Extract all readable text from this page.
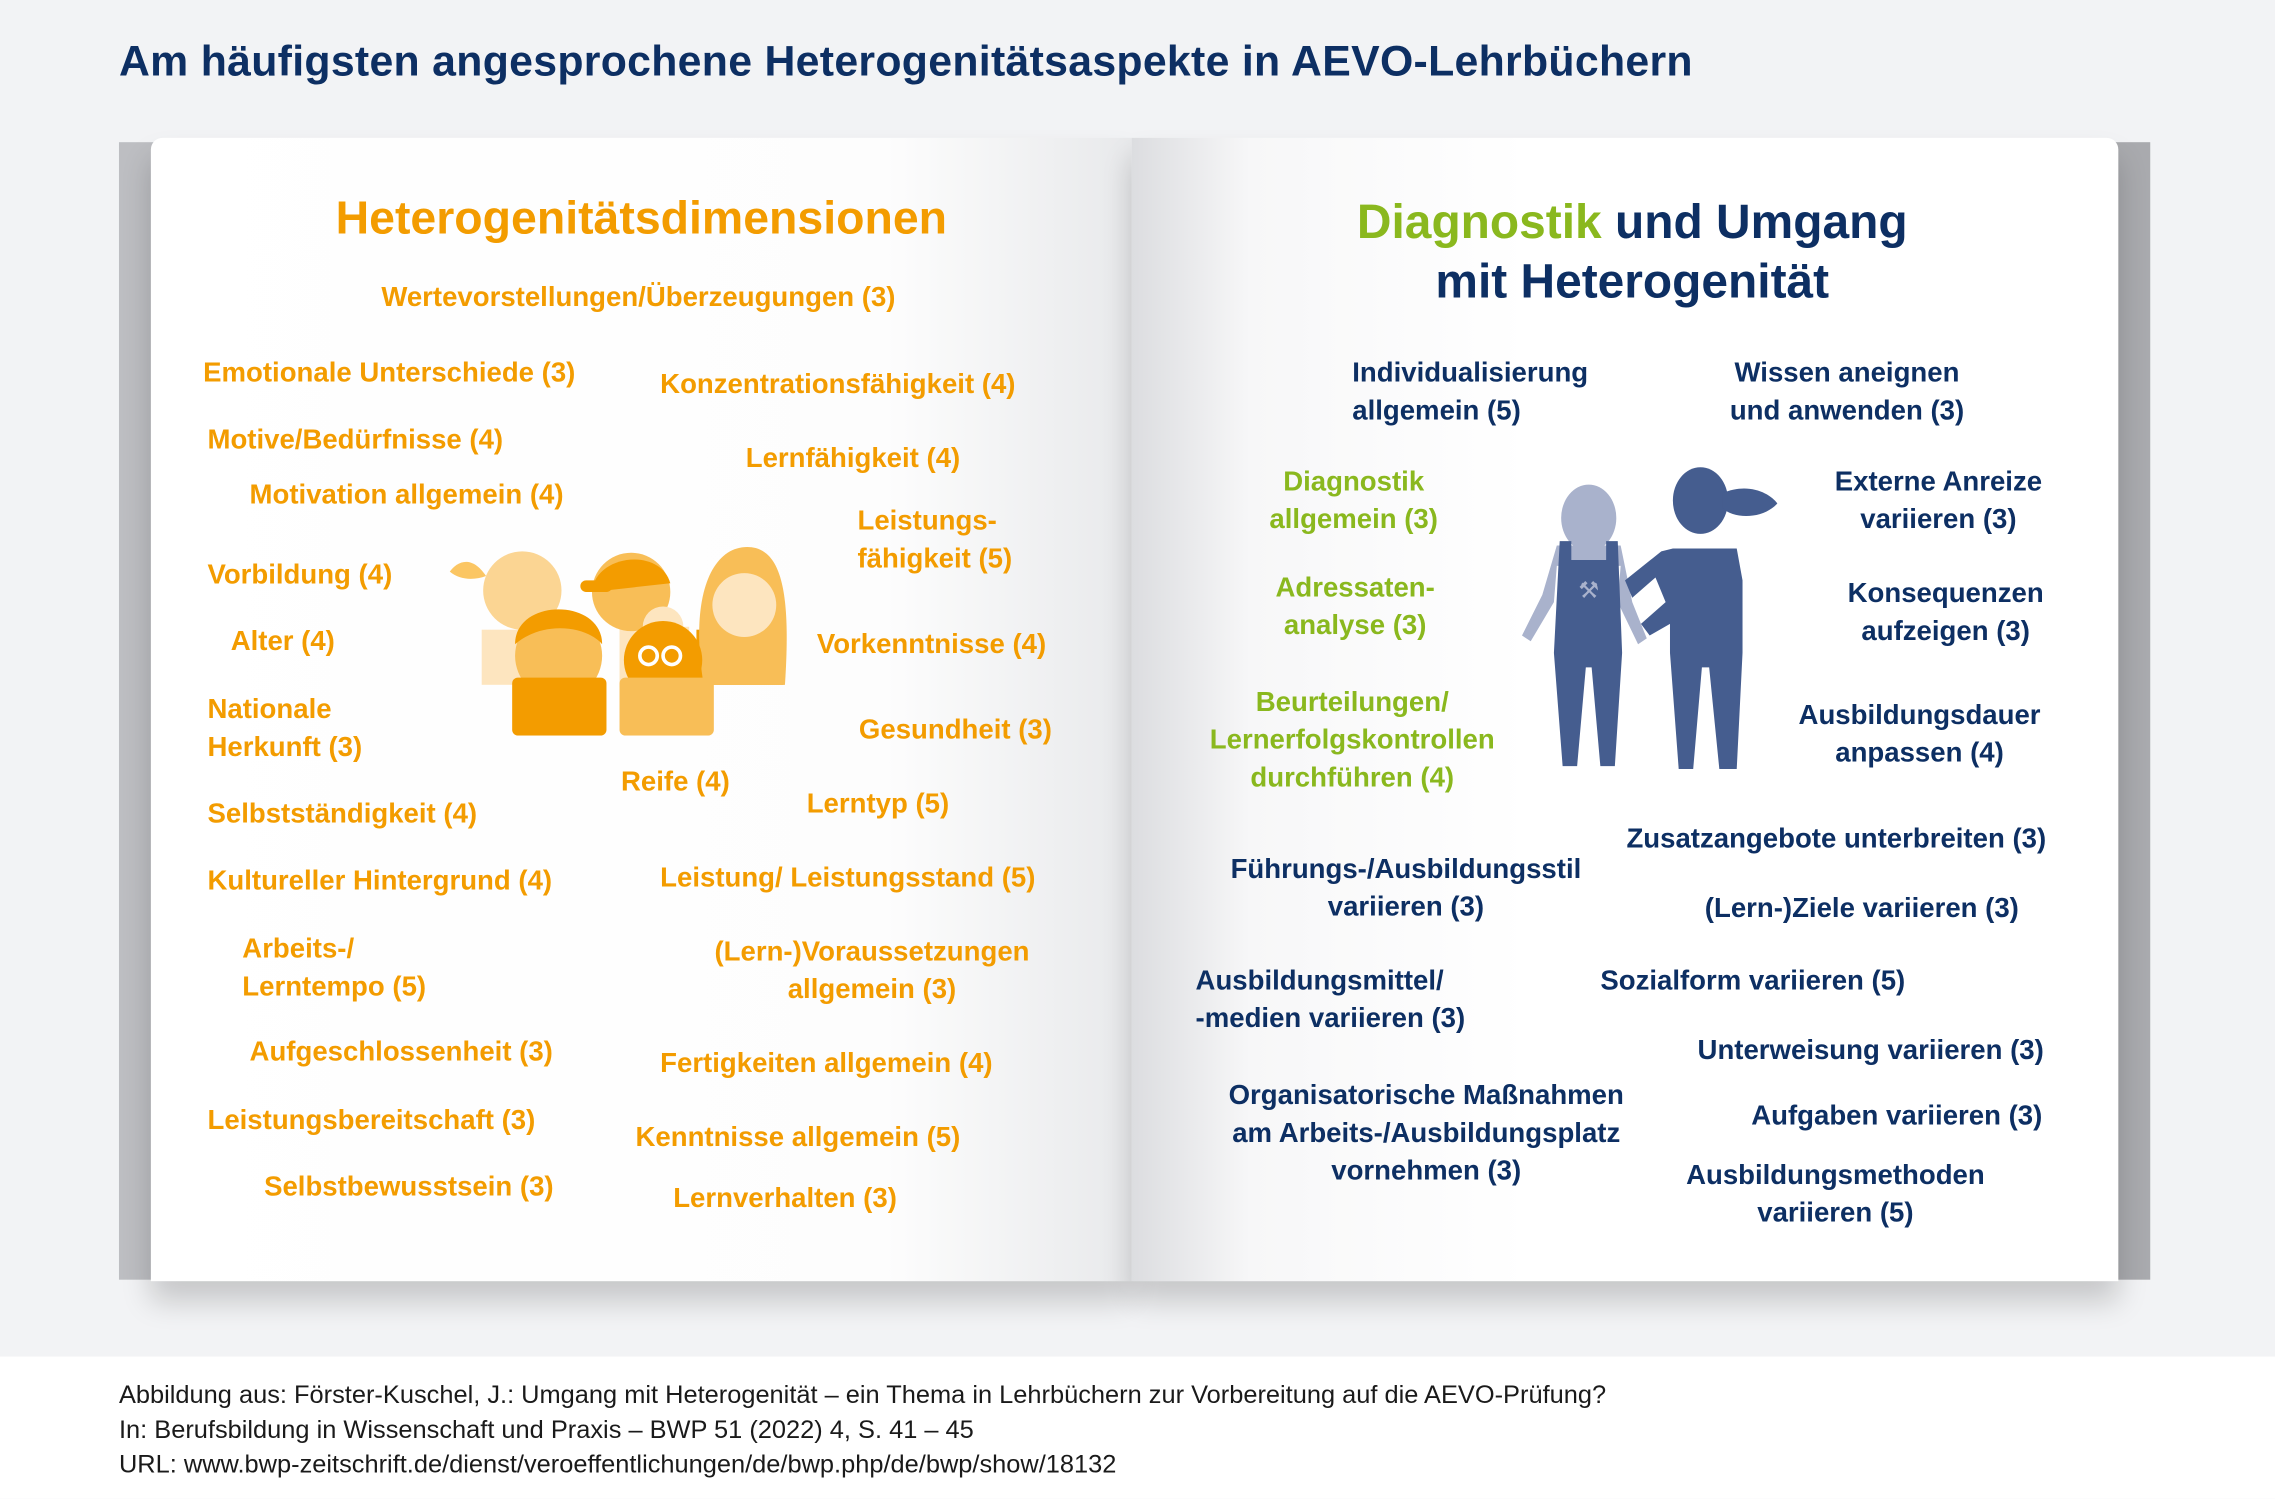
Am häufigsten angesprochene Heterogenitätsaspekte in AEVO-Lehrbüchern
Heterogenitätsdimensionen	Diagnostik und Umgang
mit Heterogenität
Wertevorstellungen/Überzeugungen (3)
Emotionale Unterschiede (3)	Konzentrationsfähigkeit (4)
Motive/Bedürfnisse (4)
Lernfähigkeit (4)
Motivation allgemein (4)
Leistungs-
fähigkeit (5)
Vorbildung (4)
Alter (4)	Vorkenntnisse (4)
Nationale
Herkunft (3)
Gesundheit (3)
Reife (4)
Lerntyp (5)
Selbstständigkeit (4)
Kultureller Hintergrund (4)	Leistung/ Leistungsstand (5)
Arbeits-/
Lerntempo (5)
(Lern-)Voraussetzungen
allgemein (3)
Aufgeschlossenheit (3)	Fertigkeiten allgemein (4)
Leistungsbereitschaft (3)
Kenntnisse allgemein (5)
Selbstbewusstsein (3)	Lernverhalten (3)
Individualisierung
allgemein (5)
Wissen aneignen
und anwenden (3)
Diagnostik
allgemein (3)
Externe Anreize
variieren (3)
Adressaten-
analyse (3)
Konsequenzen
aufzeigen (3)
Beurteilungen/
Lernerfolgskontrollen
durchführen (4)
Ausbildungsdauer
anpassen (4)
Zusatzangebote unterbreiten (3)
Führungs-/Ausbildungsstil
variieren (3)	(Lern-)Ziele variieren (3)
Ausbildungsmittel/
-medien variieren (3)
Sozialform variieren (5)
Unterweisung variieren (3)
Organisatorische Maßnahmen
am Arbeits-/Ausbildungsplatz
vornehmen (3)
Aufgaben variieren (3)
Ausbildungsmethoden
variieren (5)
⚒
Abbildung aus: Förster-Kuschel, J.: Umgang mit Heterogenität – ein Thema in Lehrbüchern zur Vorbereitung auf die AEVO-Prüfung?
In: Berufsbildung in Wissenschaft und Praxis – BWP 51 (2022) 4, S. 41 – 45
URL: www.bwp-zeitschrift.de/dienst/veroeffentlichungen/de/bwp.php/de/bwp/show/18132
